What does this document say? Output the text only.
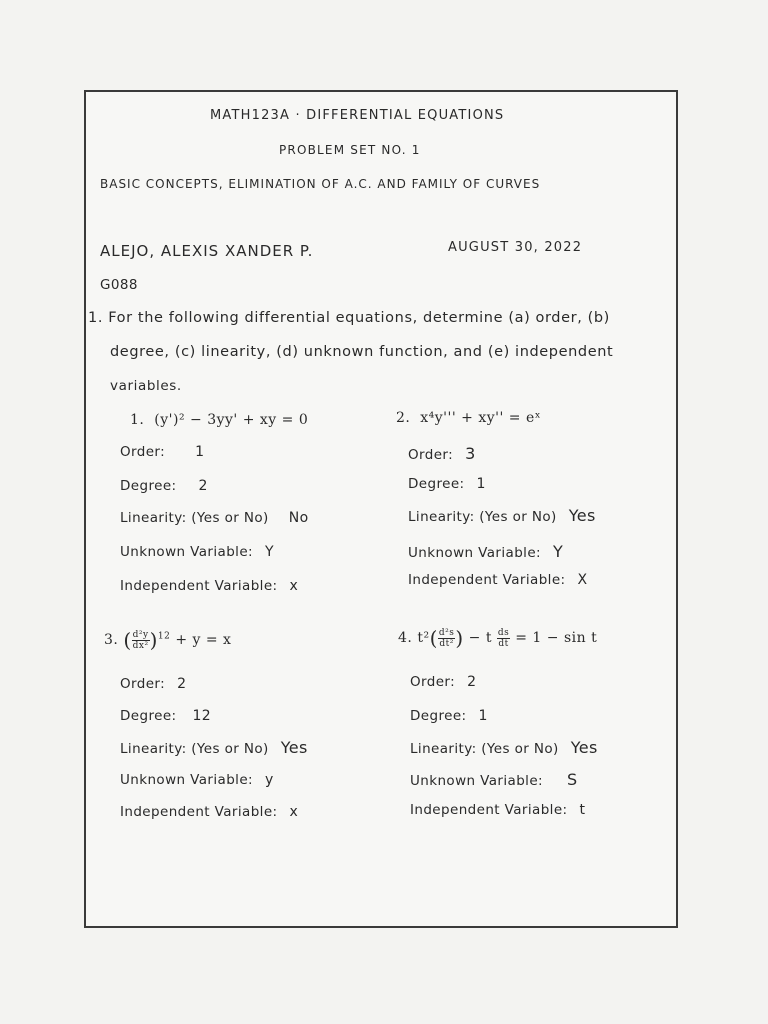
MATH123A · DIFFERENTIAL EQUATIONS
PROBLEM SET NO. 1
BASIC CONCEPTS, ELIMINATION OF A.C. AND FAMILY OF CURVES
ALEJO, ALEXIS XANDER P.	AUGUST 30, 2022
G088
1. For the following differential equations, determine (a) order, (b)
degree, (c) linearity, (d) unknown function, and (e) independent
variables.
1. (y')² − 3yy' + xy = 0
Order: 1
Degree: 2
Linearity: (Yes or No) No
Unknown Variable: Y
Independent Variable: x
2. x⁴y''' + xy'' = eˣ
Order: 3
Degree: 1
Linearity: (Yes or No) Yes
Unknown Variable: Y
Independent Variable: X
3. ( $\frac{\text{d²y}}{\text{dx²}} )^{12} + y = x$
Order: 2
Degree: 12
Linearity: (Yes or No) Yes
Unknown Variable: y
Independent Variable: x
4. $t^2( \frac{\text{d²s}}{\text{dt²}}$ ) − t $\frac{ds}{dt} = 1 - \sin t$
Order: 2
Degree: 1
Linearity: (Yes or No) Yes
Unknown Variable: S
Independent Variable: t
